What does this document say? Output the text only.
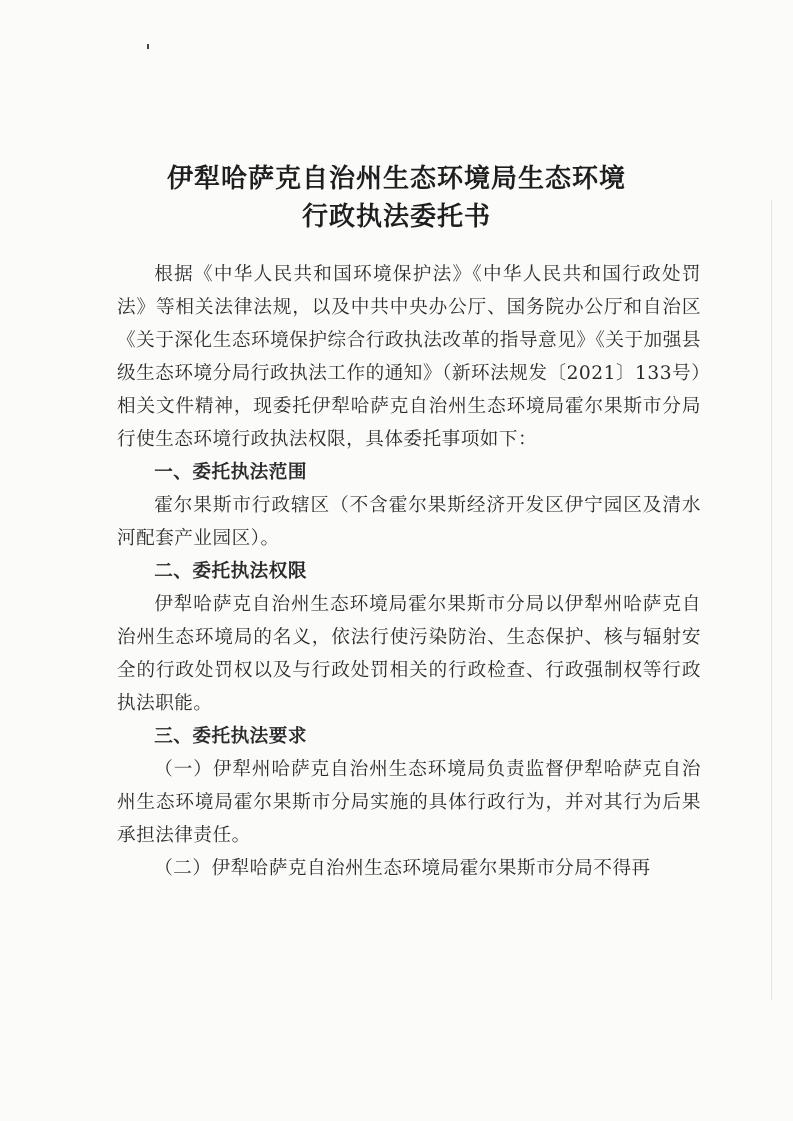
伊犁哈萨克自治州生态环境局生态环境
行政执法委托书

根据《中华人民共和国环境保护法》《中华人民共和国行政处罚法》等相关法律法规，以及中共中央办公厅、国务院办公厅和自治区《关于深化生态环境保护综合行政执法改革的指导意见》《关于加强县级生态环境分局行政执法工作的通知》（新环法规发〔2021〕133号）相关文件精神，现委托伊犁哈萨克自治州生态环境局霍尔果斯市分局行使生态环境行政执法权限，具体委托事项如下：

一、委托执法范围

霍尔果斯市行政辖区（不含霍尔果斯经济开发区伊宁园区及清水河配套产业园区）。

二、委托执法权限

伊犁哈萨克自治州生态环境局霍尔果斯市分局以伊犁州哈萨克自治州生态环境局的名义，依法行使污染防治、生态保护、核与辐射安全的行政处罚权以及与行政处罚相关的行政检查、行政强制权等行政执法职能。

三、委托执法要求

（一）伊犁州哈萨克自治州生态环境局负责监督伊犁哈萨克自治州生态环境局霍尔果斯市分局实施的具体行政行为，并对其行为后果承担法律责任。

（二）伊犁哈萨克自治州生态环境局霍尔果斯市分局不得再
